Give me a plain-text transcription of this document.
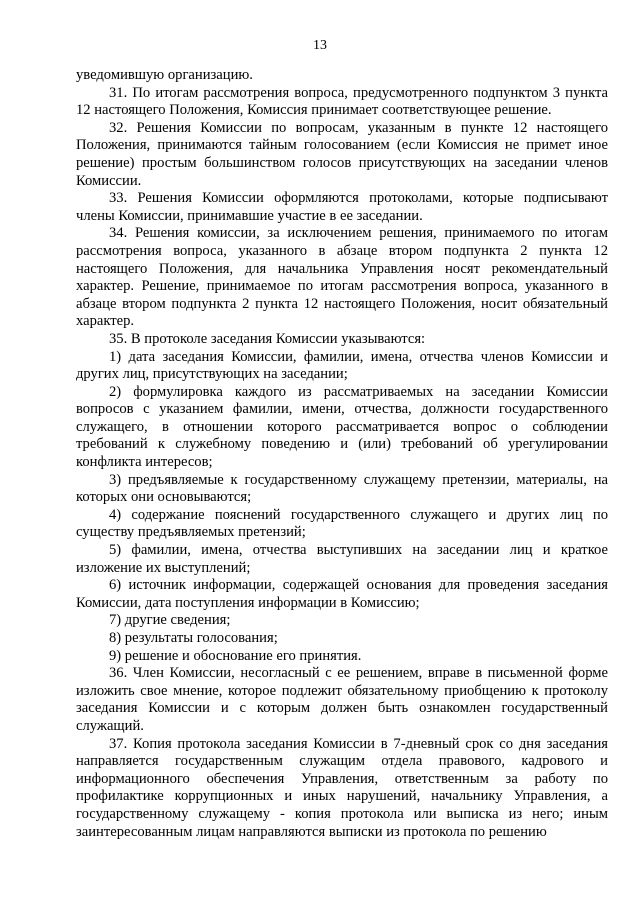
13

уведомившую организацию.

31. По итогам рассмотрения вопроса, предусмотренного подпунктом 3 пункта 12 настоящего Положения, Комиссия принимает соответствующее решение.

32. Решения Комиссии по вопросам, указанным в пункте 12 настоящего Положения, принимаются тайным голосованием (если Комиссия не примет иное решение) простым большинством голосов присутствующих на заседании членов Комиссии.

33. Решения Комиссии оформляются протоколами, которые подписывают члены Комиссии, принимавшие участие в ее заседании.

34. Решения комиссии, за исключением решения, принимаемого по итогам рассмотрения вопроса, указанного в абзаце втором подпункта 2 пункта 12 настоящего Положения, для начальника Управления носят рекомендательный характер. Решение, принимаемое по итогам рассмотрения вопроса, указанного в абзаце втором подпункта 2 пункта 12 настоящего Положения, носит обязательный характер.

35. В протоколе заседания Комиссии указываются:

1) дата заседания Комиссии, фамилии, имена, отчества членов Комиссии и других лиц, присутствующих на заседании;

2) формулировка каждого из рассматриваемых на заседании Комиссии вопросов с указанием фамилии, имени, отчества, должности государственного служащего, в отношении которого рассматривается вопрос о соблюдении требований к служебному поведению и (или) требований об урегулировании конфликта интересов;

3) предъявляемые к государственному служащему претензии, материалы, на которых они основываются;

4) содержание пояснений государственного служащего и других лиц по существу предъявляемых претензий;

5) фамилии, имена, отчества выступивших на заседании лиц и краткое изложение их выступлений;

6) источник информации, содержащей основания для проведения заседания Комиссии, дата поступления информации в Комиссию;

7) другие сведения;

8) результаты голосования;

9) решение и обоснование его принятия.

36. Член Комиссии, несогласный с ее решением, вправе в письменной форме изложить свое мнение, которое подлежит обязательному приобщению к протоколу заседания Комиссии и с которым должен быть ознакомлен государственный служащий.

37. Копия протокола заседания Комиссии в 7-дневный срок со дня заседания направляется государственным служащим отдела правового, кадрового и информационного обеспечения Управления, ответственным за работу по профилактике коррупционных и иных нарушений, начальнику Управления, а государственному служащему - копия протокола или выписка из него; иным заинтересованным лицам направляются выписки из протокола по решению
